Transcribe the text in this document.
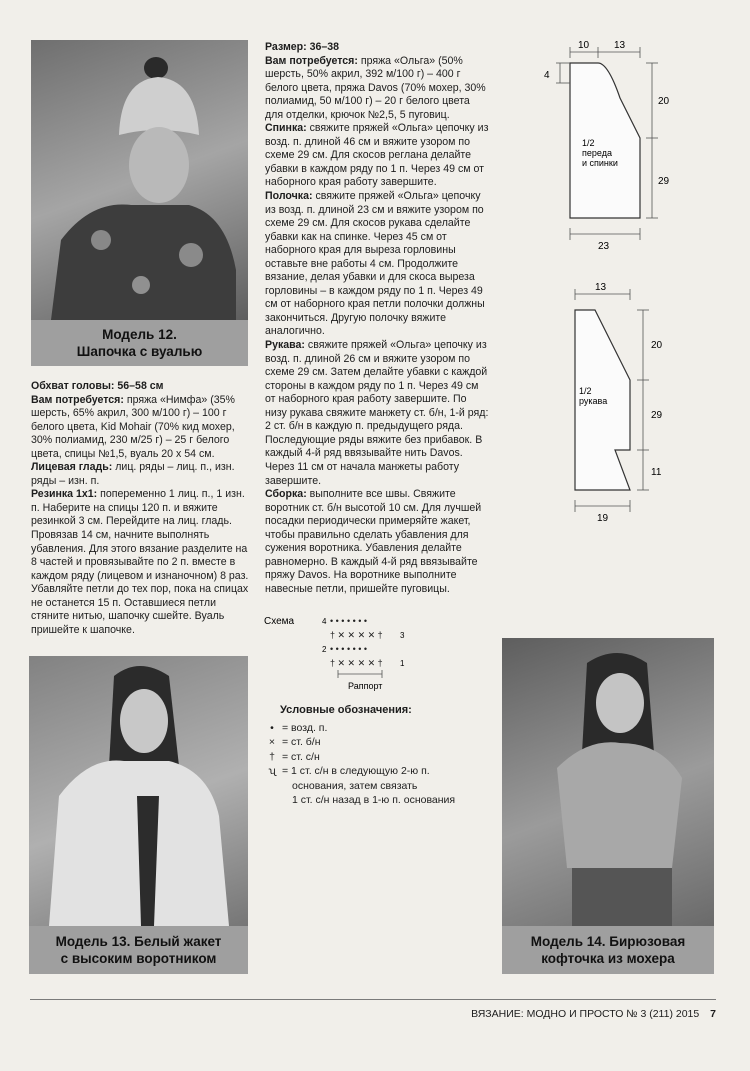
Модель 12.
Шапочка с вуалью
Модель 13. Белый жакет
с высоким воротником
Модель 14. Бирюзовая
кофточка из мохера

Обхват головы: 56–58 см

Вам потребуется: пряжа «Нимфа» (35% шерсть, 65% акрил, 300 м/100 г) – 100 г белого цвета, Kid Mohair (70% кид мохер, 30% полиамид, 230 м/25 г) – 25 г белого цвета, спицы №1,5, вуаль 20 x 54 см.

Лицевая гладь: лиц. ряды – лиц. п., изн. ряды – изн. п.

Резинка 1x1: попеременно 1 лиц. п., 1 изн. п. Наберите на спицы 120 п. и вяжите резинкой 3 см. Перейдите на лиц. гладь. Провязав 14 см, начните выполнять убавления. Для этого вязание разделите на 8 частей и провязывайте по 2 п. вместе в каждом ряду (лицевом и изнаночном) 8 раз. Убавляйте петли до тех пор, пока на спицах не останется 15 п. Оставшиеся петли стяните нитью, шапочку сшейте. Вуаль пришейте к шапочке.

Размер: 36–38

Вам потребуется: пряжа «Ольга» (50% шерсть, 50% акрил, 392 м/100 г) – 400 г белого цвета, пряжа Davos (70% мохер, 30% полиамид, 50 м/100 г) – 20 г белого цвета для отделки, крючок №2,5, 5 пуговиц.

Спинка: свяжите пряжей «Ольга» цепочку из возд. п. длиной 46 см и вяжите узором по схеме 29 см. Для скосов реглана делайте убавки в каждом ряду по 1 п. Через 49 см от наборного края работу завершите.

Полочка: свяжите пряжей «Ольга» цепочку из возд. п. длиной 23 см и вяжите узором по схеме 29 см. Для скосов рукава сделайте убавки как на спинке. Через 45 см от наборного края для выреза горловины оставьте вне работы 4 см. Продолжите вязание, делая убавки и для скоса выреза горловины – в каждом ряду по 1 п. Через 49 см от наборного края петли полочки должны закончиться. Другую полочку вяжите аналогично.

Рукава: свяжите пряжей «Ольга» цепочку из возд. п. длиной 26 см и вяжите узором по схеме 29 см. Затем делайте убавки с каждой стороны в каждом ряду по 1 п. Через 49 см от наборного края работу завершите. По низу рукава свяжите манжету ст. б/н, 1-й ряд: 2 ст. б/н в каждую п. предыдущего ряда. Последующие ряды вяжите без прибавок. В каждый 4-й ряд ввязывайте нить Davos. Через 11 см от начала манжеты работу завершите.

Сборка: выполните все швы. Свяжите воротник ст. б/н высотой 10 см. Для лучшей посадки периодически примеряйте жакет, чтобы правильно сделать убавления для сужения воротника. Убавления делайте равномерно. В каждый 4-й ряд ввязывайте пряжу Davos. На воротнике выполните навесные петли, пришейте пуговицы.

10 13
4
20
29
23
1/2
переда
и спинки
13
20
29
11
19
1/2
рукава
Схема	4
3
2
1
• • • • • • •
† ✕ ✕ ✕ ✕ †
• • • • • • •
† ✕ ✕ ✕ ✕ †
Раппорт
Условные обозначения:
• = возд. п.
× = ст. б/н
† = ст. с/н
ʯ = 1 ст. с/н в следующую 2-ю п.
основания, затем связать
1 ст. с/н назад в 1-ю п. основания
ВЯЗАНИЕ: МОДНО И ПРОСТО № 3 (211) 2015 7
